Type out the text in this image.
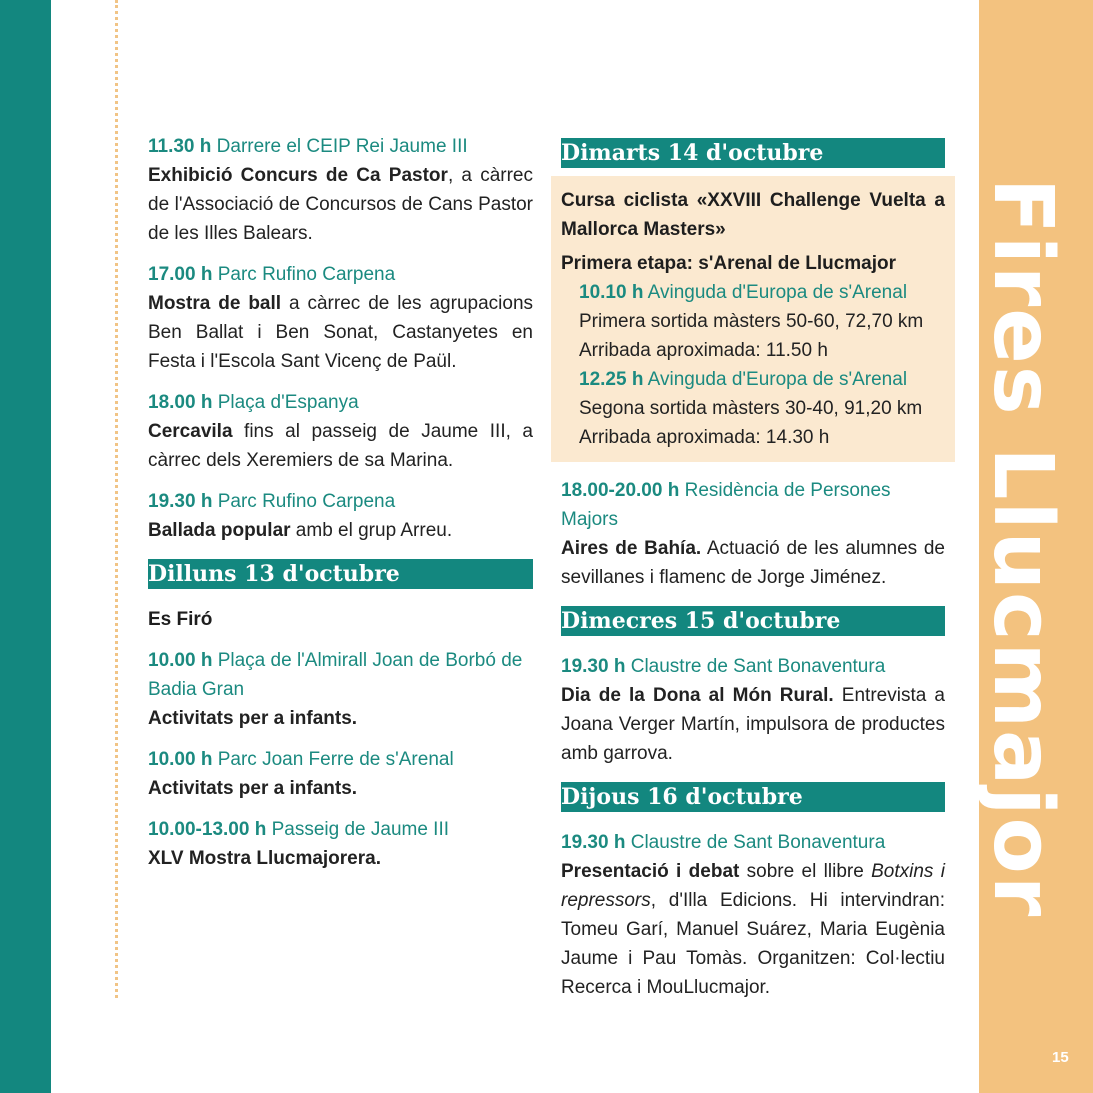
Fires Llucmajor
15
11.30 h Darrere el CEIP Rei Jaume III
Exhibició Concurs de Ca Pastor, a càrrec de l'Associació de Concursos de Cans Pastor de les Illes Balears.
17.00 h Parc Rufino Carpena
Mostra de ball a càrrec de les agrupacions Ben Ballat i Ben Sonat, Castanyetes en Festa i l'Escola Sant Vicenç de Paül.
18.00 h Plaça d'Espanya
Cercavila fins al passeig de Jaume III, a càrrec dels Xeremiers de sa Marina.
19.30 h Parc Rufino Carpena
Ballada popular amb el grup Arreu.
Dilluns 13 d'octubre
Es Firó
10.00 h Plaça de l'Almirall Joan de Borbó de Badia Gran
Activitats per a infants.
10.00 h Parc Joan Ferre de s'Arenal
Activitats per a infants.
10.00-13.00 h Passeig de Jaume III
XLV Mostra Llucmajorera.
Dimarts 14 d'octubre
Cursa ciclista «XXVIII Challenge Vuelta a Mallorca Masters»
Primera etapa: s'Arenal de Llucmajor
10.10 h Avinguda d'Europa de s'Arenal
Primera sortida màsters 50-60, 72,70 km
Arribada aproximada: 11.50 h
12.25 h Avinguda d'Europa de s'Arenal
Segona sortida màsters 30-40, 91,20 km
Arribada aproximada: 14.30 h
18.00-20.00 h Residència de Persones Majors
Aires de Bahía. Actuació de les alumnes de sevillanes i flamenc de Jorge Jiménez.
Dimecres 15 d'octubre
19.30 h Claustre de Sant Bonaventura
Dia de la Dona al Món Rural. Entrevista a Joana Verger Martín, impulsora de productes amb garrova.
Dijous 16 d'octubre
19.30 h Claustre de Sant Bonaventura
Presentació i debat sobre el llibre Botxins i repressors, d'Illa Edicions. Hi intervindran: Tomeu Garí, Manuel Suárez, Maria Eugènia Jaume i Pau Tomàs. Organitzen: Col·lectiu Recerca i MouLlucmajor.
